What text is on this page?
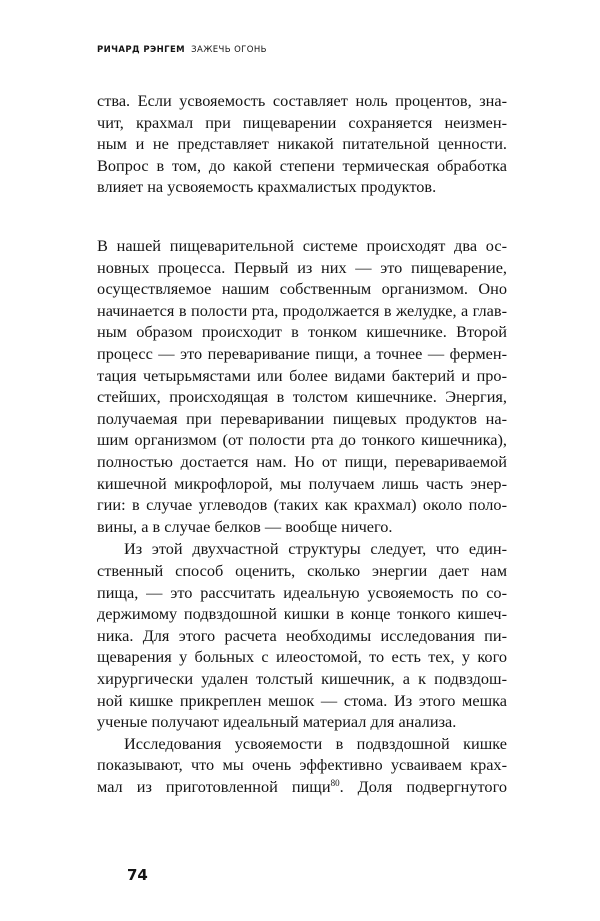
РИЧАРД РЭНГЕМ ЗАЖЕЧЬ ОГОНЬ
ства. Если усвояемость составляет ноль процентов, зна-
чит, крахмал при пищеварении сохраняется неизмен-
ным и не представляет никакой питательной ценности.
Вопрос в том, до какой степени термическая обработка
влияет на усвояемость крахмалистых продуктов.
В нашей пищеварительной системе происходят два ос-
новных процесса. Первый из них — это пищеварение,
осуществляемое нашим собственным организмом. Оно
начинается в полости рта, продолжается в желудке, а глав-
ным образом происходит в тонком кишечнике. Второй
процесс — это переваривание пищи, а точнее — фермен-
тация четырьмястами или более видами бактерий и про-
стейших, происходящая в толстом кишечнике. Энергия,
получаемая при переваривании пищевых продуктов на-
шим организмом (от полости рта до тонкого кишечника),
полностью достается нам. Но от пищи, перевариваемой
кишечной микрофлорой, мы получаем лишь часть энер-
гии: в случае углеводов (таких как крахмал) около поло-
вины, а в случае белков — вообще ничего.
Из этой двухчастной структуры следует, что един-
ственный способ оценить, сколько энергии дает нам
пища, — это рассчитать идеальную усвояемость по со-
держимому подвздошной кишки в конце тонкого кишеч-
ника. Для этого расчета необходимы исследования пи-
щеварения у больных с илеостомой, то есть тех, у кого
хирургически удален толстый кишечник, а к подвздош-
ной кишке прикреплен мешок — стома. Из этого мешка
ученые получают идеальный материал для анализа.
Исследования усвояемости в подвздошной кишке
показывают, что мы очень эффективно усваиваем крах-
мал из приготовленной пищи$^{80}$. Доля подвергнутого
74
